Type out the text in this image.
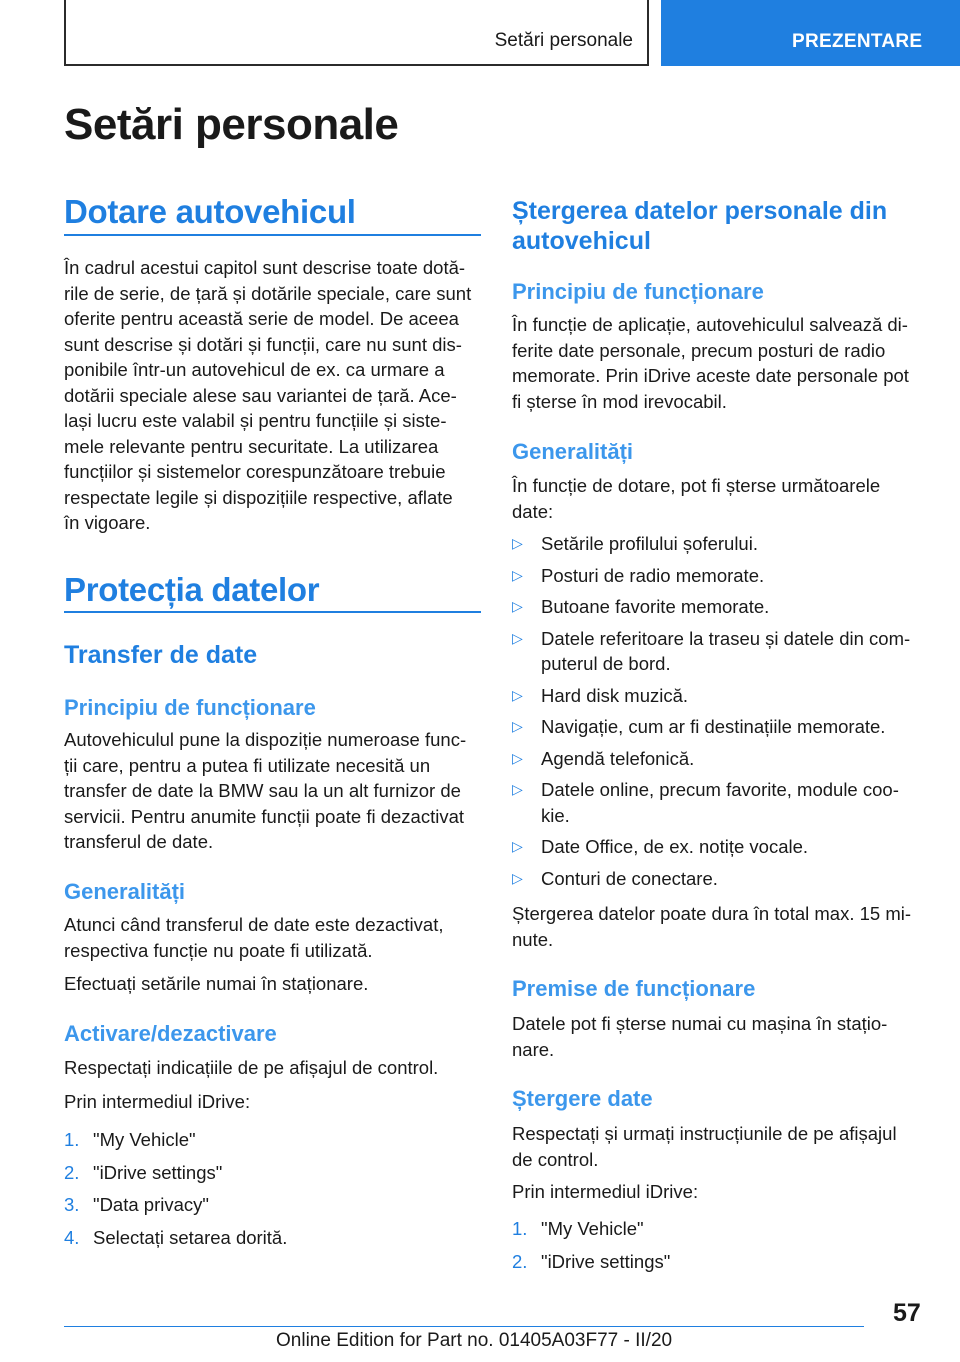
Setări personale	PREZENTARE
Setări personale
Dotare autovehicul
În cadrul acestui capitol sunt descrise toate dotă-
rile de serie, de țară și dotările speciale, care sunt
oferite pentru această serie de model. De aceea
sunt descrise și dotări și funcții, care nu sunt dis-
ponibile într-un autovehicul de ex. ca urmare a
dotării speciale alese sau variantei de țară. Ace-
lași lucru este valabil și pentru funcțiile și siste-
mele relevante pentru securitate. La utilizarea
funcțiilor și sistemelor corespunzătoare trebuie
respectate legile și dispozițiile respective, aflate
în vigoare.
Protecția datelor
Transfer de date
Principiu de funcționare
Autovehiculul pune la dispoziție numeroase func-
ții care, pentru a putea fi utilizate necesită un
transfer de date la BMW sau la un alt furnizor de
servicii. Pentru anumite funcții poate fi dezactivat
transferul de date.
Generalități
Atunci când transferul de date este dezactivat,
respectiva funcție nu poate fi utilizată.
Efectuați setările numai în staționare.
Activare/dezactivare
Respectați indicațiile de pe afișajul de control.
Prin intermediul iDrive:
1. "My Vehicle"
2. "iDrive settings"
3. "Data privacy"
4. Selectați setarea dorită.
Ștergerea datelor personale din
autovehicul
Principiu de funcționare
În funcție de aplicație, autovehiculul salvează di-
ferite date personale, precum posturi de radio
memorate. Prin iDrive aceste date personale pot
fi șterse în mod irevocabil.
Generalități
În funcție de dotare, pot fi șterse următoarele
date:
▷ Setările profilului șoferului.
▷ Posturi de radio memorate.
▷ Butoane favorite memorate.
▷ Datele referitoare la traseu și datele din com-
puterul de bord.
▷ Hard disk muzică.
▷ Navigație, cum ar fi destinațiile memorate.
▷ Agendă telefonică.
▷ Datele online, precum favorite, module coo-
kie.
▷ Date Office, de ex. notițe vocale.
▷ Conturi de conectare.
Ștergerea datelor poate dura în total max. 15 mi-
nute.
Premise de funcționare
Datele pot fi șterse numai cu mașina în stațio-
nare.
Ștergere date
Respectați și urmați instrucțiunile de pe afișajul
de control.
Prin intermediul iDrive:
1. "My Vehicle"
2. "iDrive settings"
57
Online Edition for Part no. 01405A03F77 - II/20
